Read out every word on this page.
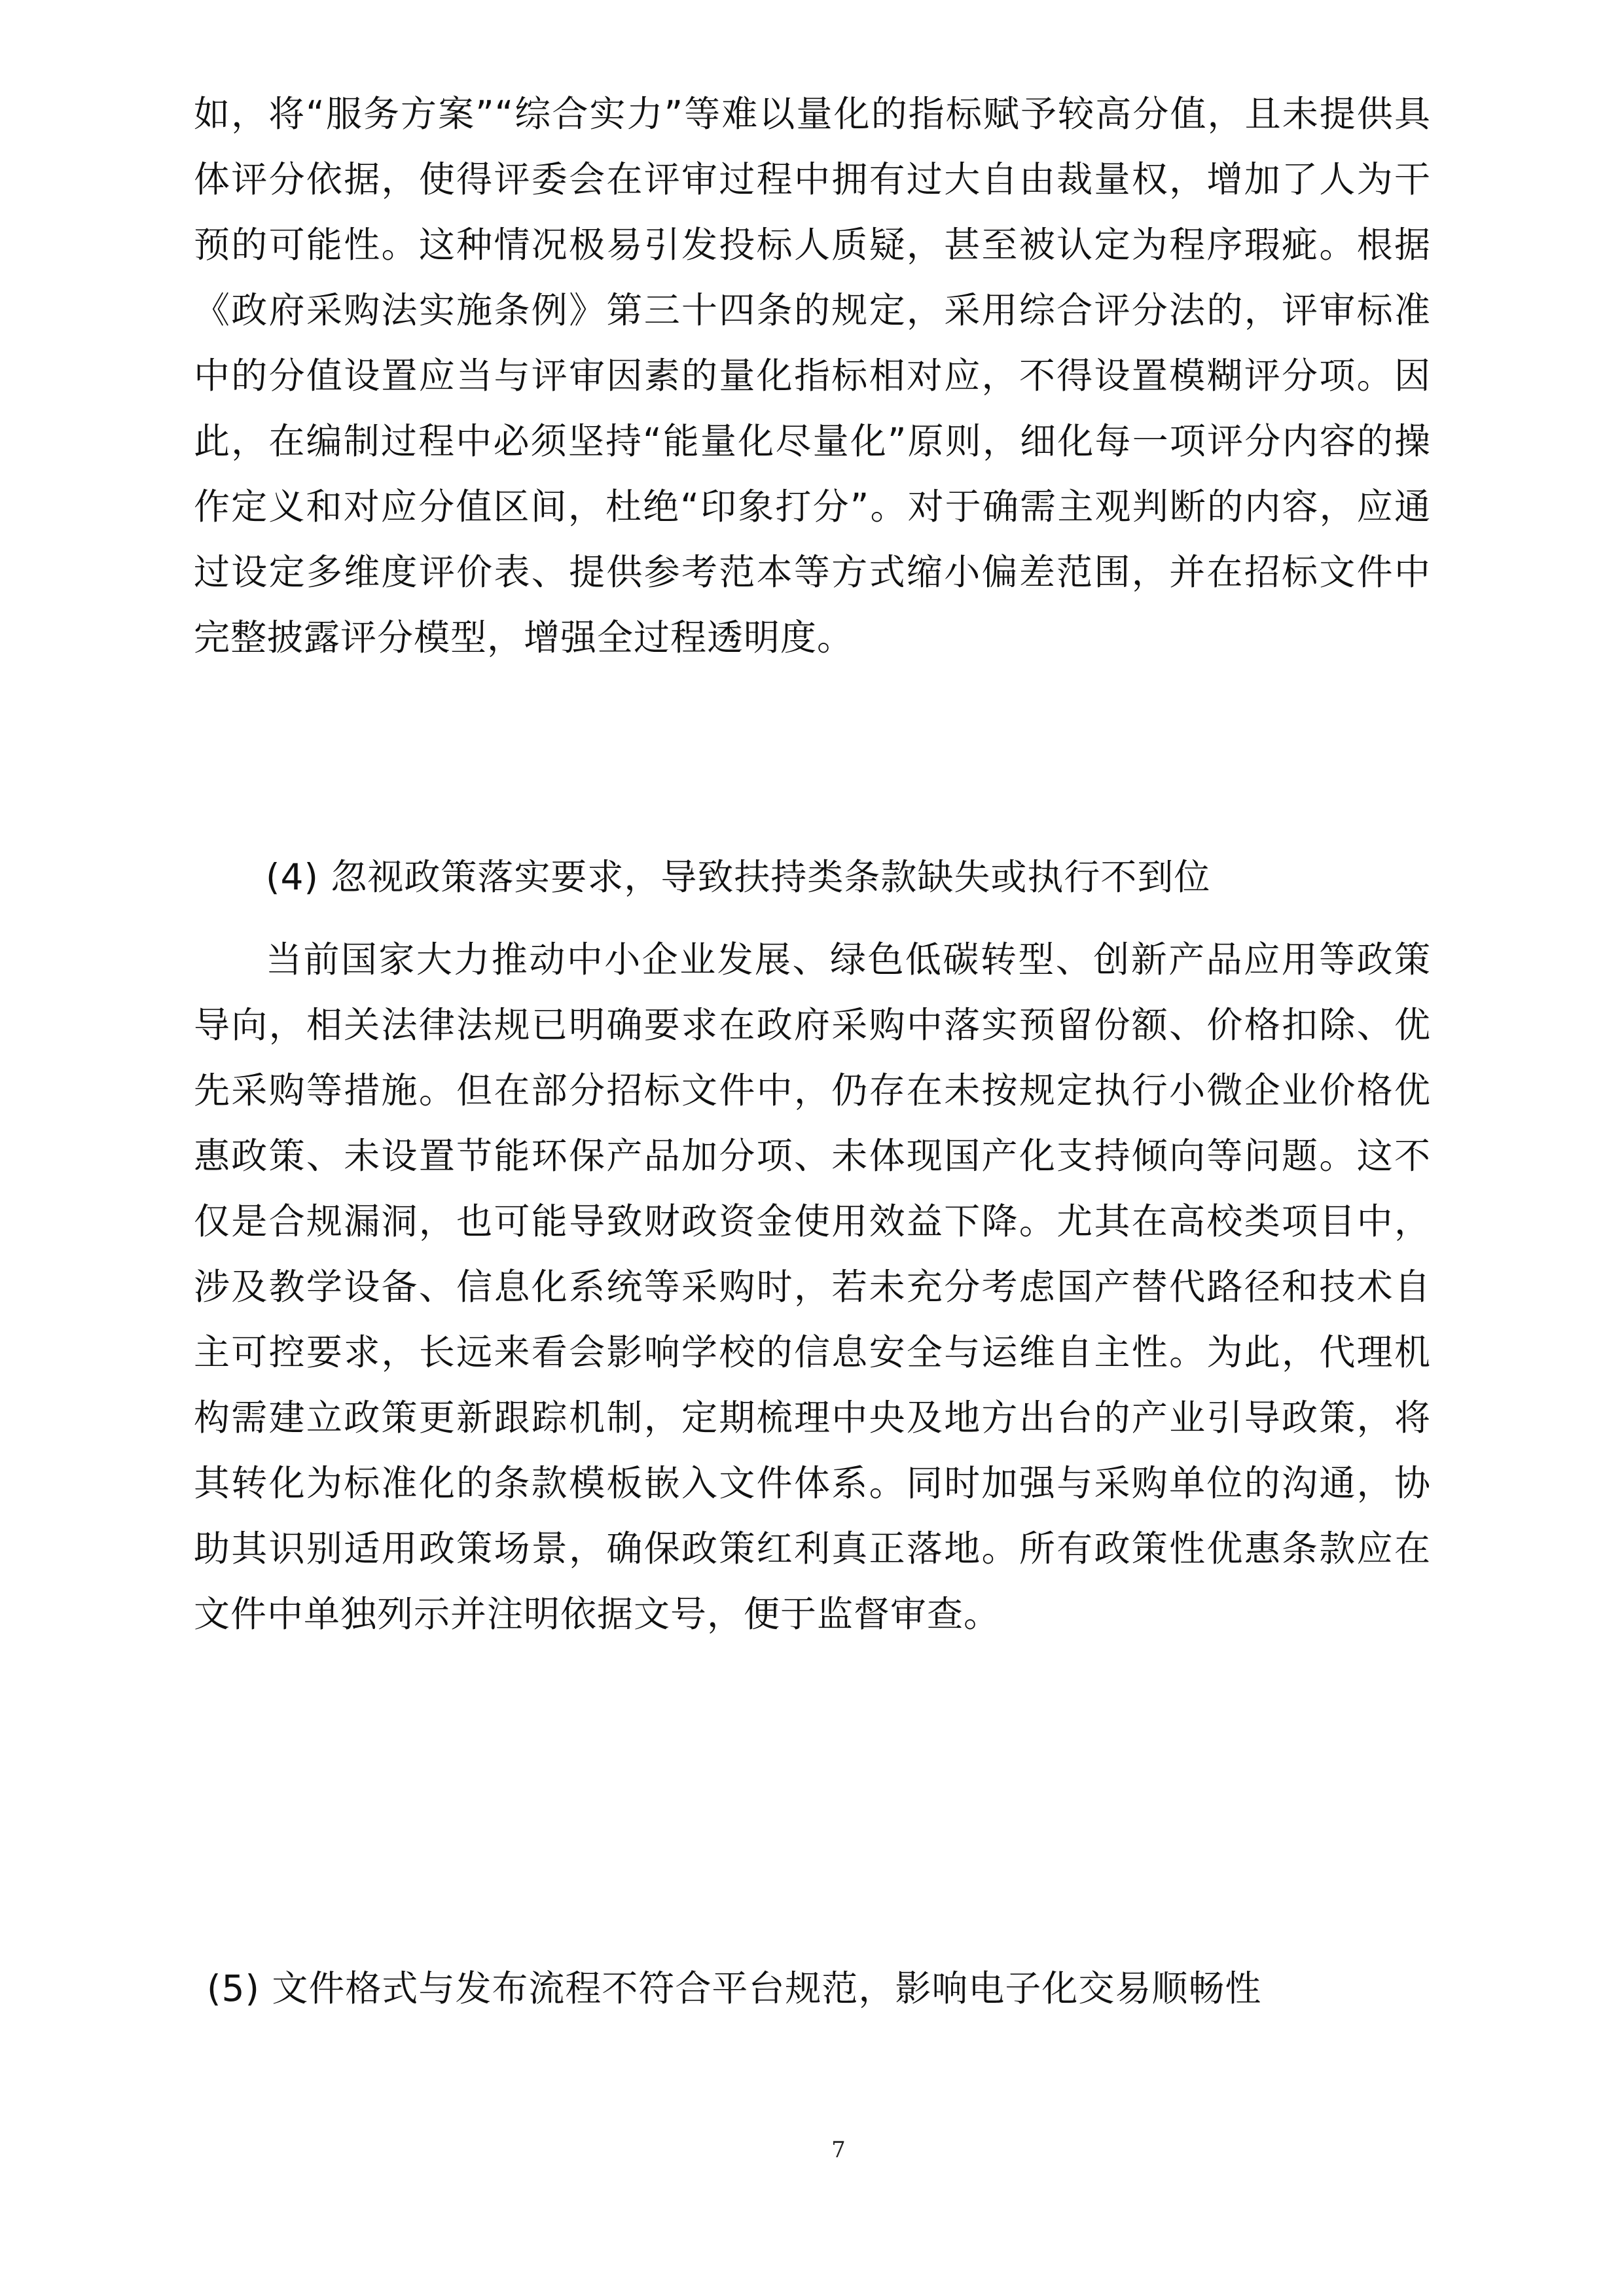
如，将“服务方案”“综合实力”等难以量化的指标赋予较高分值，且未提供具体评分依据，使得评委会在评审过程中拥有过大自由裁量权，增加了人为干预的可能性。这种情况极易引发投标人质疑，甚至被认定为程序瑕疵。根据《政府采购法实施条例》第三十四条的规定，采用综合评分法的，评审标准中的分值设置应当与评审因素的量化指标相对应，不得设置模糊评分项。因此，在编制过程中必须坚持“能量化尽量化”原则，细化每一项评分内容的操作定义和对应分值区间，杜绝“印象打分”。对于确需主观判断的内容，应通过设定多维度评价表、提供参考范本等方式缩小偏差范围，并在招标文件中完整披露评分模型，增强全过程透明度。

(4) 忽视政策落实要求，导致扶持类条款缺失或执行不到位

当前国家大力推动中小企业发展、绿色低碳转型、创新产品应用等政策导向，相关法律法规已明确要求在政府采购中落实预留份额、价格扣除、优先采购等措施。但在部分招标文件中，仍存在未按规定执行小微企业价格优惠政策、未设置节能环保产品加分项、未体现国产化支持倾向等问题。这不仅是合规漏洞，也可能导致财政资金使用效益下降。尤其在高校类项目中，涉及教学设备、信息化系统等采购时，若未充分考虑国产替代路径和技术自主可控要求，长远来看会影响学校的信息安全与运维自主性。为此，代理机构需建立政策更新跟踪机制，定期梳理中央及地方出台的产业引导政策，将其转化为标准化的条款模板嵌入文件体系。同时加强与采购单位的沟通，协助其识别适用政策场景，确保政策红利真正落地。所有政策性优惠条款应在文件中单独列示并注明依据文号，便于监督审查。

(5) 文件格式与发布流程不符合平台规范，影响电子化交易顺畅性

7
